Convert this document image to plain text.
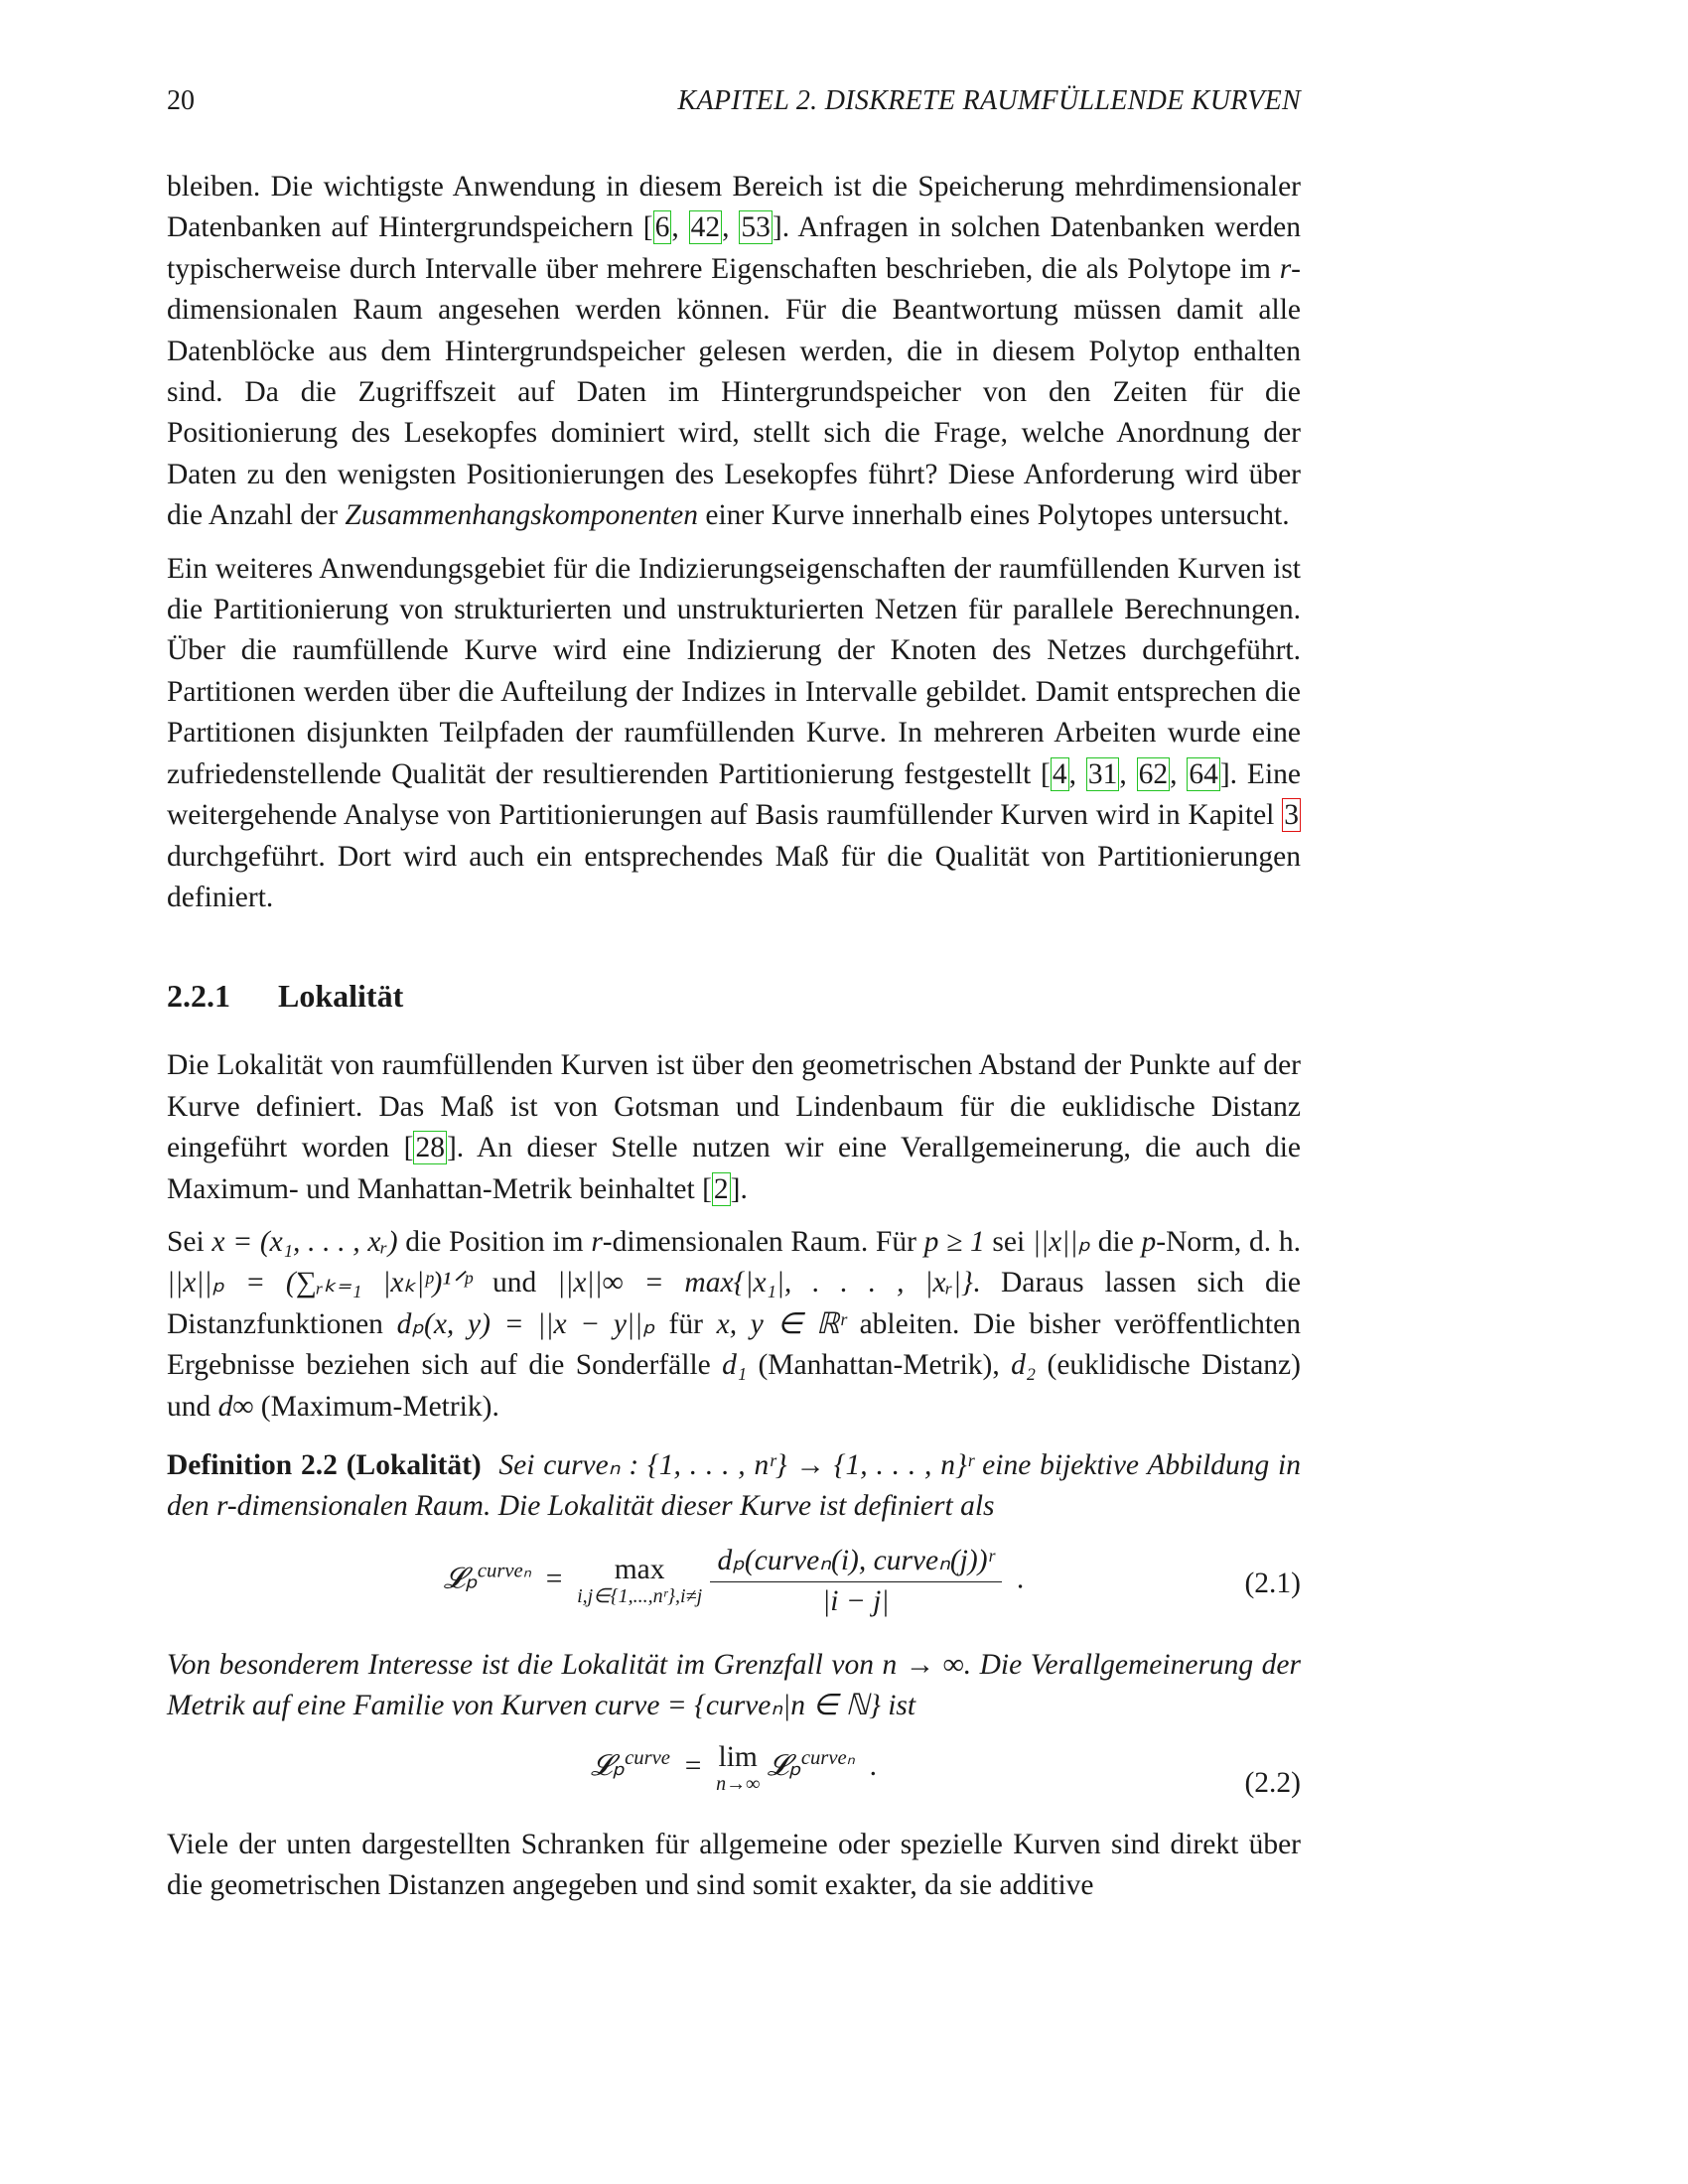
20	KAPITEL 2. DISKRETE RAUMFÜLLENDE KURVEN

bleiben. Die wichtigste Anwendung in diesem Bereich ist die Speicherung mehrdimensionaler Datenbanken auf Hintergrundspeichern [6, 42, 53]. Anfragen in solchen Datenbanken werden typischerweise durch Intervalle über mehrere Eigenschaften beschrieben, die als Polytope im r-dimensionalen Raum angesehen werden können. Für die Beantwortung müssen damit alle Datenblöcke aus dem Hintergrundspeicher gelesen werden, die in diesem Polytop enthalten sind. Da die Zugriffszeit auf Daten im Hintergrundspeicher von den Zeiten für die Positionierung des Lesekopfes dominiert wird, stellt sich die Frage, welche Anordnung der Daten zu den wenigsten Positionierungen des Lesekopfes führt? Diese Anforderung wird über die Anzahl der Zusammenhangskomponenten einer Kurve innerhalb eines Polytopes untersucht.

Ein weiteres Anwendungsgebiet für die Indizierungseigenschaften der raumfüllenden Kurven ist die Partitionierung von strukturierten und unstrukturierten Netzen für parallele Berechnungen. Über die raumfüllende Kurve wird eine Indizierung der Knoten des Netzes durchgeführt. Partitionen werden über die Aufteilung der Indizes in Intervalle gebildet. Damit entsprechen die Partitionen disjunkten Teilpfaden der raumfüllenden Kurve. In mehreren Arbeiten wurde eine zufriedenstellende Qualität der resultierenden Partitionierung festgestellt [4, 31, 62, 64]. Eine weitergehende Analyse von Partitionierungen auf Basis raumfüllender Kurven wird in Kapitel 3 durchgeführt. Dort wird auch ein entsprechendes Maß für die Qualität von Partitionierungen definiert.

2.2.1 Lokalität

Die Lokalität von raumfüllenden Kurven ist über den geometrischen Abstand der Punkte auf der Kurve definiert. Das Maß ist von Gotsman und Lindenbaum für die euklidische Distanz eingeführt worden [28]. An dieser Stelle nutzen wir eine Verallgemeinerung, die auch die Maximum- und Manhattan-Metrik beinhaltet [2].

Sei x = (x₁, . . . , xᵣ) die Position im r-dimensionalen Raum. Für p ≥ 1 sei ||x||ₚ die p-Norm, d. h. ||x||ₚ = (∑ᵣₖ₌₁ |xₖ|ᵖ)¹ᐟᵖ und ||x||∞ = max{|x₁|, . . . , |xᵣ|}. Daraus lassen sich die Distanzfunktionen dₚ(x, y) = ||x − y||ₚ für x, y ∈ ℝʳ ableiten. Die bisher veröffentlichten Ergebnisse beziehen sich auf die Sonderfälle d₁ (Manhattan-Metrik), d₂ (euklidische Distanz) und d∞ (Maximum-Metrik).

Definition 2.2 (Lokalität) Sei curveₙ : {1, . . . , nʳ} → {1, . . . , n}ʳ eine bijektive Abbildung in den r-dimensionalen Raum. Die Lokalität dieser Kurve ist definiert als

𝓛ₚ$^{curve_n}$ =	max
i,j∈{1,...,nʳ},i≠j
$\frac{\text{dₚ(curveₙ(i), curveₙ(j))ʳ}}{|i - j|}$ .	(2.1)

Von besonderem Interesse ist die Lokalität im Grenzfall von n → ∞. Die Verallgemeinerung der Metrik auf eine Familie von Kurven curve = {curveₙ|n ∈ ℕ} ist

𝓛ₚ$^{curve}$ = lim
n→∞
𝓛ₚ$^{curve_n}$ .
(2.2)

Viele der unten dargestellten Schranken für allgemeine oder spezielle Kurven sind direkt über die geometrischen Distanzen angegeben und sind somit exakter, da sie additive
